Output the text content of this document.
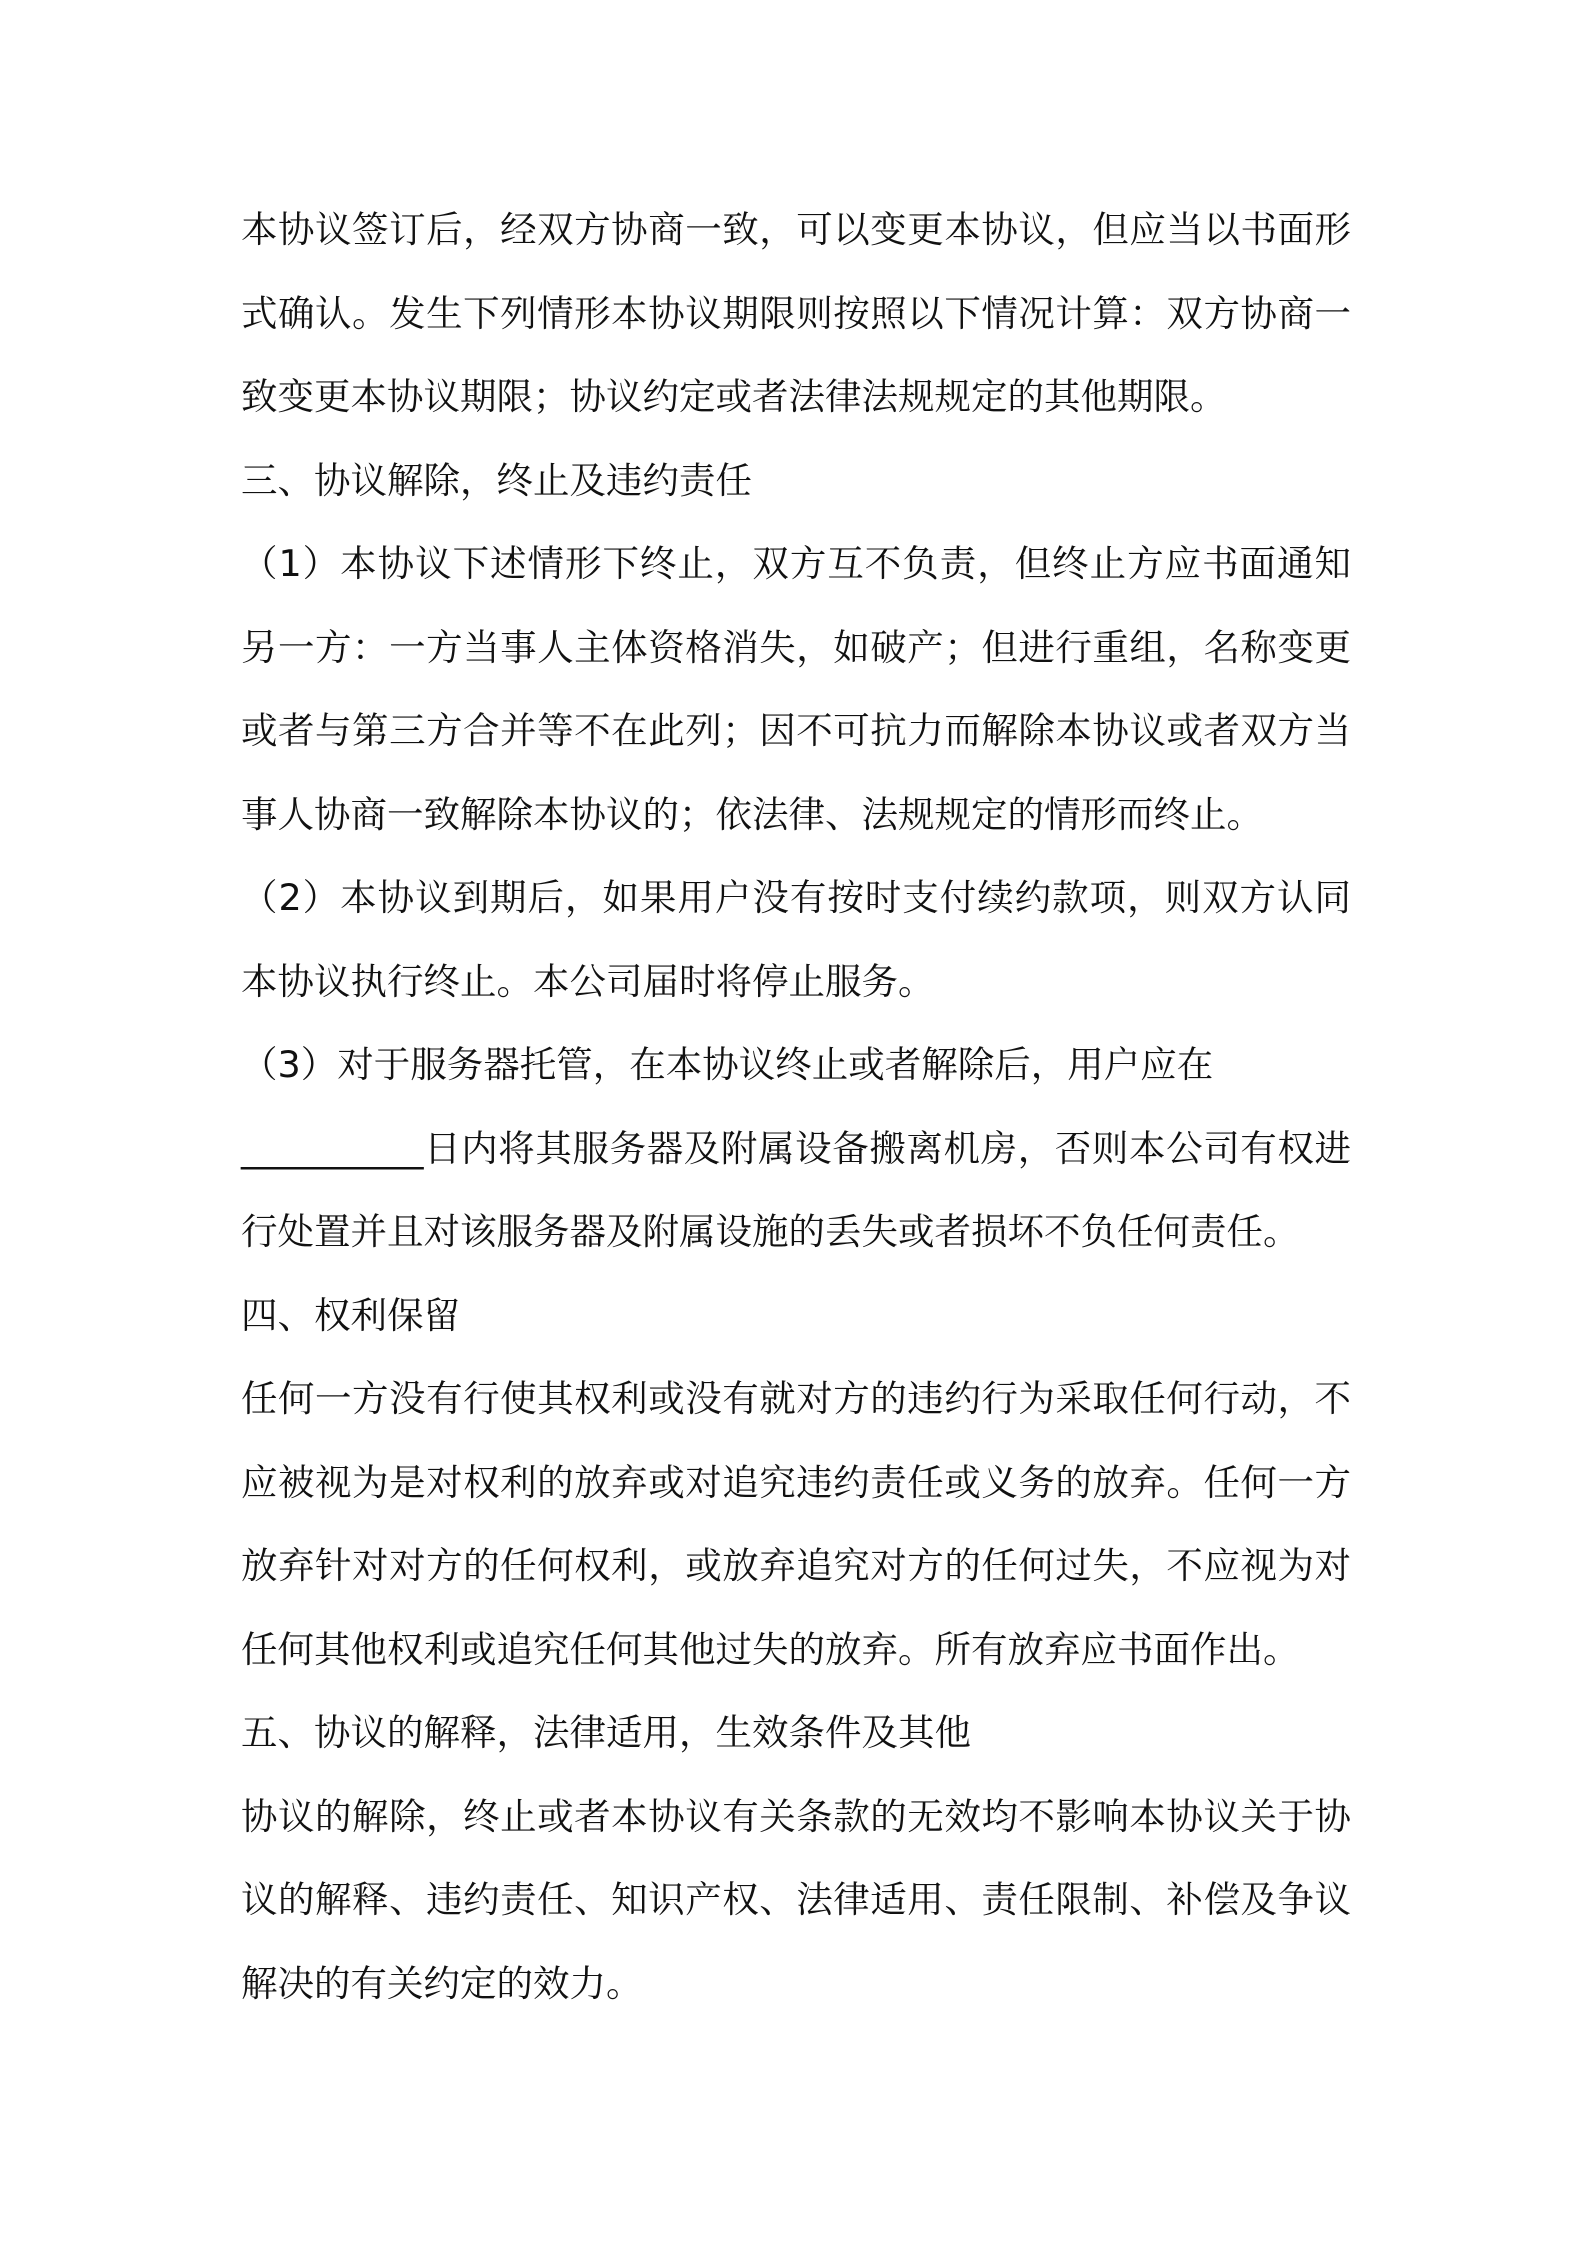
本协议签订后，经双方协商一致，可以变更本协议，但应当以书面形
式确认。发生下列情形本协议期限则按照以下情况计算：双方协商一
致变更本协议期限；协议约定或者法律法规规定的其他期限。
三、协议解除，终止及违约责任
（1）本协议下述情形下终止，双方互不负责，但终止方应书面通知
另一方：一方当事人主体资格消失，如破产；但进行重组，名称变更
或者与第三方合并等不在此列；因不可抗力而解除本协议或者双方当
事人协商一致解除本协议的；依法律、法规规定的情形而终止。
（2）本协议到期后，如果用户没有按时支付续约款项，则双方认同
本协议执行终止。本公司届时将停止服务。
（3）对于服务器托管，在本协议终止或者解除后，用户应在
__________日内将其服务器及附属设备搬离机房，否则本公司有权进
行处置并且对该服务器及附属设施的丢失或者损坏不负任何责任。
四、权利保留
任何一方没有行使其权利或没有就对方的违约行为采取任何行动，不
应被视为是对权利的放弃或对追究违约责任或义务的放弃。任何一方
放弃针对对方的任何权利，或放弃追究对方的任何过失，不应视为对
任何其他权利或追究任何其他过失的放弃。所有放弃应书面作出。
五、协议的解释，法律适用，生效条件及其他
协议的解除，终止或者本协议有关条款的无效均不影响本协议关于协
议的解释、违约责任、知识产权、法律适用、责任限制、补偿及争议
解决的有关约定的效力。
